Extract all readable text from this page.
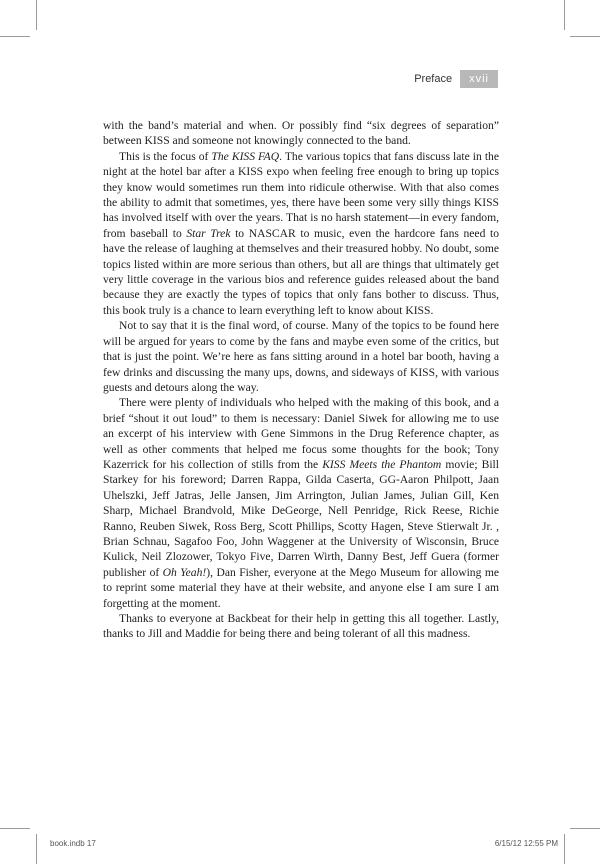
Preface	xvii

with the band’s material and when. Or possibly find “six degrees of separation” between KISS and someone not knowingly connected to the band.

This is the focus of The KISS FAQ. The various topics that fans discuss late in the night at the hotel bar after a KISS expo when feeling free enough to bring up topics they know would sometimes run them into ridicule otherwise. With that also comes the ability to admit that sometimes, yes, there have been some very silly things KISS has involved itself with over the years. That is no harsh statement—in every fandom, from baseball to Star Trek to NASCAR to music, even the hardcore fans need to have the release of laughing at themselves and their treasured hobby. No doubt, some topics listed within are more serious than others, but all are things that ultimately get very little coverage in the various bios and reference guides released about the band because they are exactly the types of topics that only fans bother to discuss. Thus, this book truly is a chance to learn everything left to know about KISS.

Not to say that it is the final word, of course. Many of the topics to be found here will be argued for years to come by the fans and maybe even some of the critics, but that is just the point. We’re here as fans sitting around in a hotel bar booth, having a few drinks and discussing the many ups, downs, and sideways of KISS, with various guests and detours along the way.

There were plenty of individuals who helped with the making of this book, and a brief “shout it out loud” to them is necessary: Daniel Siwek for allowing me to use an excerpt of his interview with Gene Simmons in the Drug Reference chapter, as well as other comments that helped me focus some thoughts for the book; Tony Kazerrick for his collection of stills from the KISS Meets the Phantom movie; Bill Starkey for his foreword; Darren Rappa, Gilda Caserta, GG-Aaron Philpott, Jaan Uhelszki, Jeff Jatras, Jelle Jansen, Jim Arrington, Julian James, Julian Gill, Ken Sharp, Michael Brandvold, Mike DeGeorge, Nell Penridge, Rick Reese, Richie Ranno, Reuben Siwek, Ross Berg, Scott Phillips, Scotty Hagen, Steve Stierwalt Jr. , Brian Schnau, Sagafoo Foo, John Waggener at the University of Wisconsin, Bruce Kulick, Neil Zlozower, Tokyo Five, Darren Wirth, Danny Best, Jeff Guera (former publisher of Oh Yeah!), Dan Fisher, everyone at the Mego Museum for allowing me to reprint some material they have at their website, and anyone else I am sure I am forgetting at the moment.

Thanks to everyone at Backbeat for their help in getting this all together. Lastly, thanks to Jill and Maddie for being there and being tolerant of all this madness.

book.indb 17	6/15/12 12:55 PM
